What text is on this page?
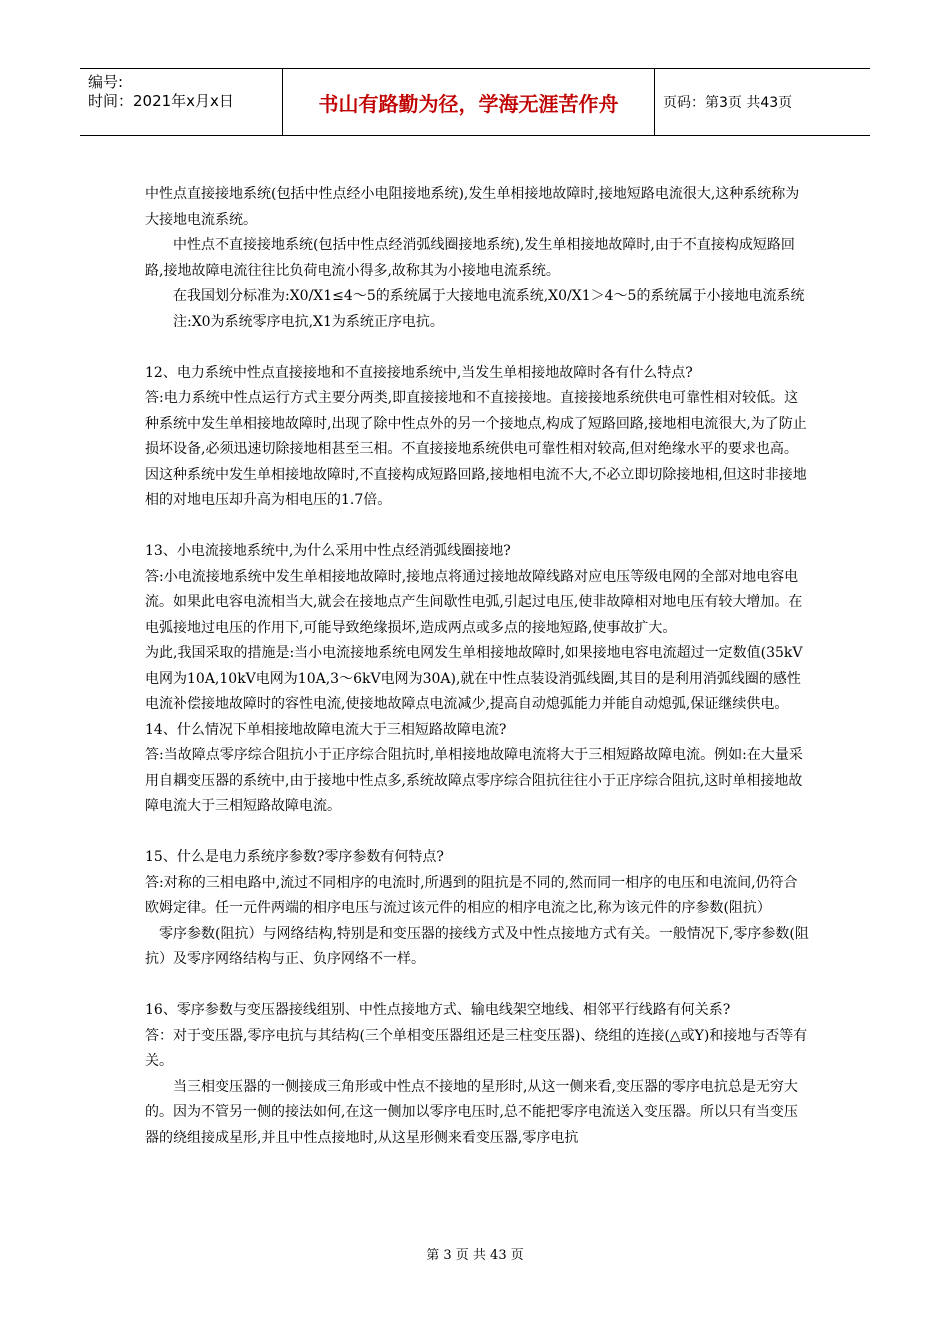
编号:
时间：2021年x月x日	书山有路勤为径，学海无涯苦作舟	页码：第3页 共43页

中性点直接接地系统(包括中性点经小电阻接地系统),发生单相接地故障时,接地短路电流很大,这种系统称为大接地电流系统。

中性点不直接接地系统(包括中性点经消弧线圈接地系统),发生单相接地故障时,由于不直接构成短路回路,接地故障电流往往比负荷电流小得多,故称其为小接地电流系统。

在我国划分标准为:X0/X1≤4～5的系统属于大接地电流系统,X0/X1＞4～5的系统属于小接地电流系统

注:X0为系统零序电抗,X1为系统正序电抗。

12、电力系统中性点直接接地和不直接接地系统中,当发生单相接地故障时各有什么特点?

答:电力系统中性点运行方式主要分两类,即直接接地和不直接接地。直接接地系统供电可靠性相对较低。这种系统中发生单相接地故障时,出现了除中性点外的另一个接地点,构成了短路回路,接地相电流很大,为了防止损坏设备,必须迅速切除接地相甚至三相。不直接接地系统供电可靠性相对较高,但对绝缘水平的要求也高。因这种系统中发生单相接地故障时,不直接构成短路回路,接地相电流不大,不必立即切除接地相,但这时非接地相的对地电压却升高为相电压的1.7倍。

13、小电流接地系统中,为什么采用中性点经消弧线圈接地?

答:小电流接地系统中发生单相接地故障时,接地点将通过接地故障线路对应电压等级电网的全部对地电容电流。如果此电容电流相当大,就会在接地点产生间歇性电弧,引起过电压,使非故障相对地电压有较大增加。在电弧接地过电压的作用下,可能导致绝缘损坏,造成两点或多点的接地短路,使事故扩大。

为此,我国采取的措施是:当小电流接地系统电网发生单相接地故障时,如果接地电容电流超过一定数值(35kV电网为10A,10kV电网为10A,3～6kV电网为30A),就在中性点装设消弧线圈,其目的是利用消弧线圈的感性电流补偿接地故障时的容性电流,使接地故障点电流减少,提高自动熄弧能力并能自动熄弧,保证继续供电。

14、什么情况下单相接地故障电流大于三相短路故障电流?

答:当故障点零序综合阻抗小于正序综合阻抗时,单相接地故障电流将大于三相短路故障电流。例如:在大量采用自耦变压器的系统中,由于接地中性点多,系统故障点零序综合阻抗往往小于正序综合阻抗,这时单相接地故障电流大于三相短路故障电流。

15、什么是电力系统序参数?零序参数有何特点?

答:对称的三相电路中,流过不同相序的电流时,所遇到的阻抗是不同的,然而同一相序的电压和电流间,仍符合欧姆定律。任一元件两端的相序电压与流过该元件的相应的相序电流之比,称为该元件的序参数(阻抗）

零序参数(阻抗）与网络结构,特别是和变压器的接线方式及中性点接地方式有关。一般情况下,零序参数(阻抗）及零序网络结构与正、负序网络不一样。

16、零序参数与变压器接线组别、中性点接地方式、输电线架空地线、相邻平行线路有何关系?

答：对于变压器,零序电抗与其结构(三个单相变压器组还是三柱变压器)、绕组的连接(△或Y)和接地与否等有关。

当三相变压器的一侧接成三角形或中性点不接地的星形时,从这一侧来看,变压器的零序电抗总是无穷大的。因为不管另一侧的接法如何,在这一侧加以零序电压时,总不能把零序电流送入变压器。所以只有当变压器的绕组接成星形,并且中性点接地时,从这星形侧来看变压器,零序电抗

第 3 页 共 43 页
